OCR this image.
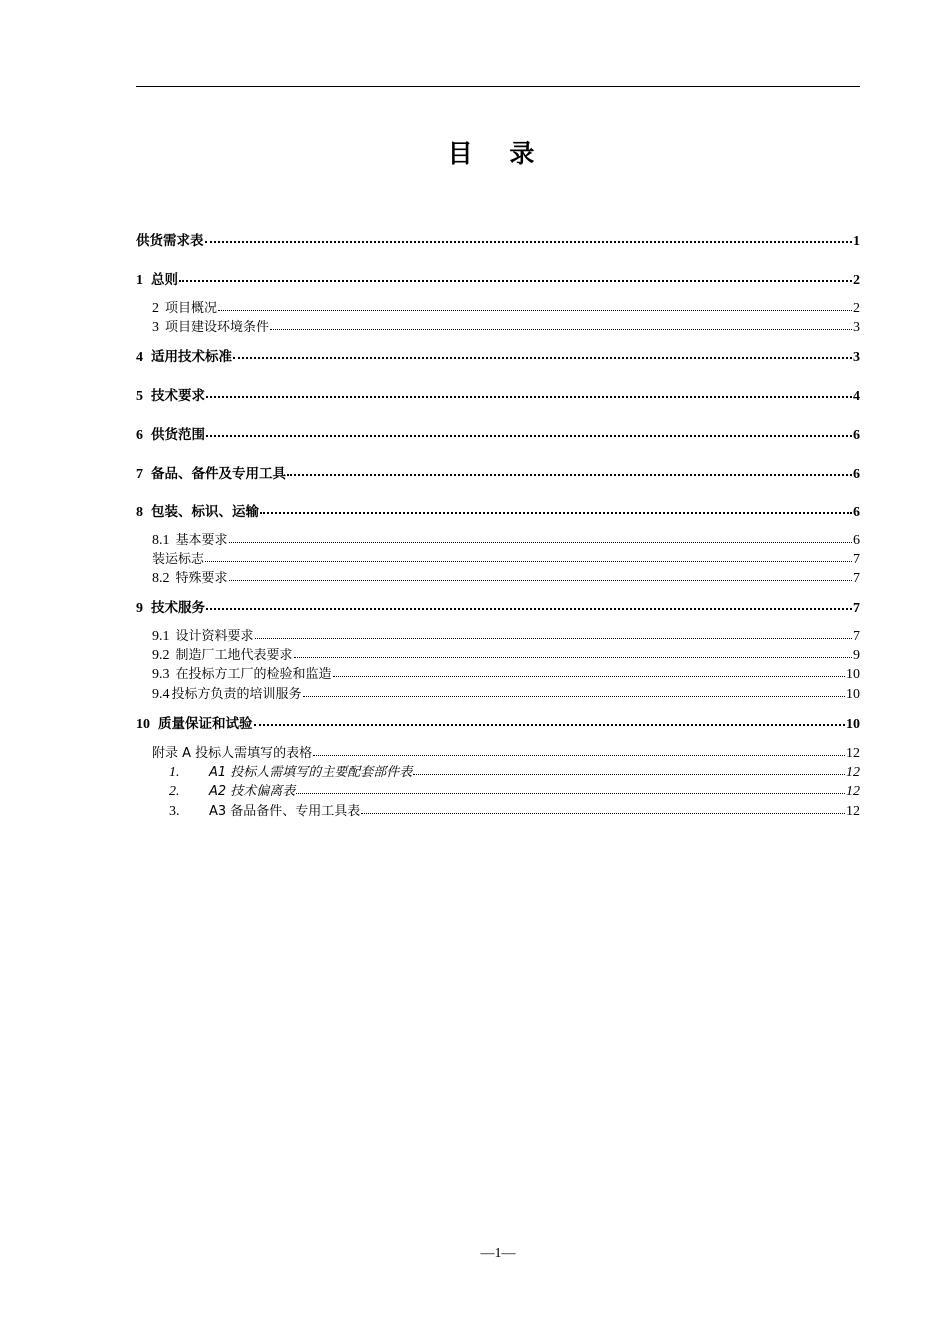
目 录
供货需求表	1
1 总则	2
2 项目概况	2
3 项目建设环境条件	3
4 适用技术标准	3
5 技术要求	4
6 供货范围	6
7 备品、备件及专用工具	6
8 包装、标识、运输	6
8.1 基本要求	6
装运标志	7
8.2 特殊要求	7
9 技术服务	7
9.1 设计资料要求	7
9.2 制造厂工地代表要求	9
9.3 在投标方工厂的检验和监造	10
9.4 投标方负责的培训服务	10
10 质量保证和试验	10
附录 A 投标人需填写的表格	12
1.	A1 投标人需填写的主要配套部件表	12
2.	A2 技术偏离表	12
3.	A3 备品备件、专用工具表	12
—1—
